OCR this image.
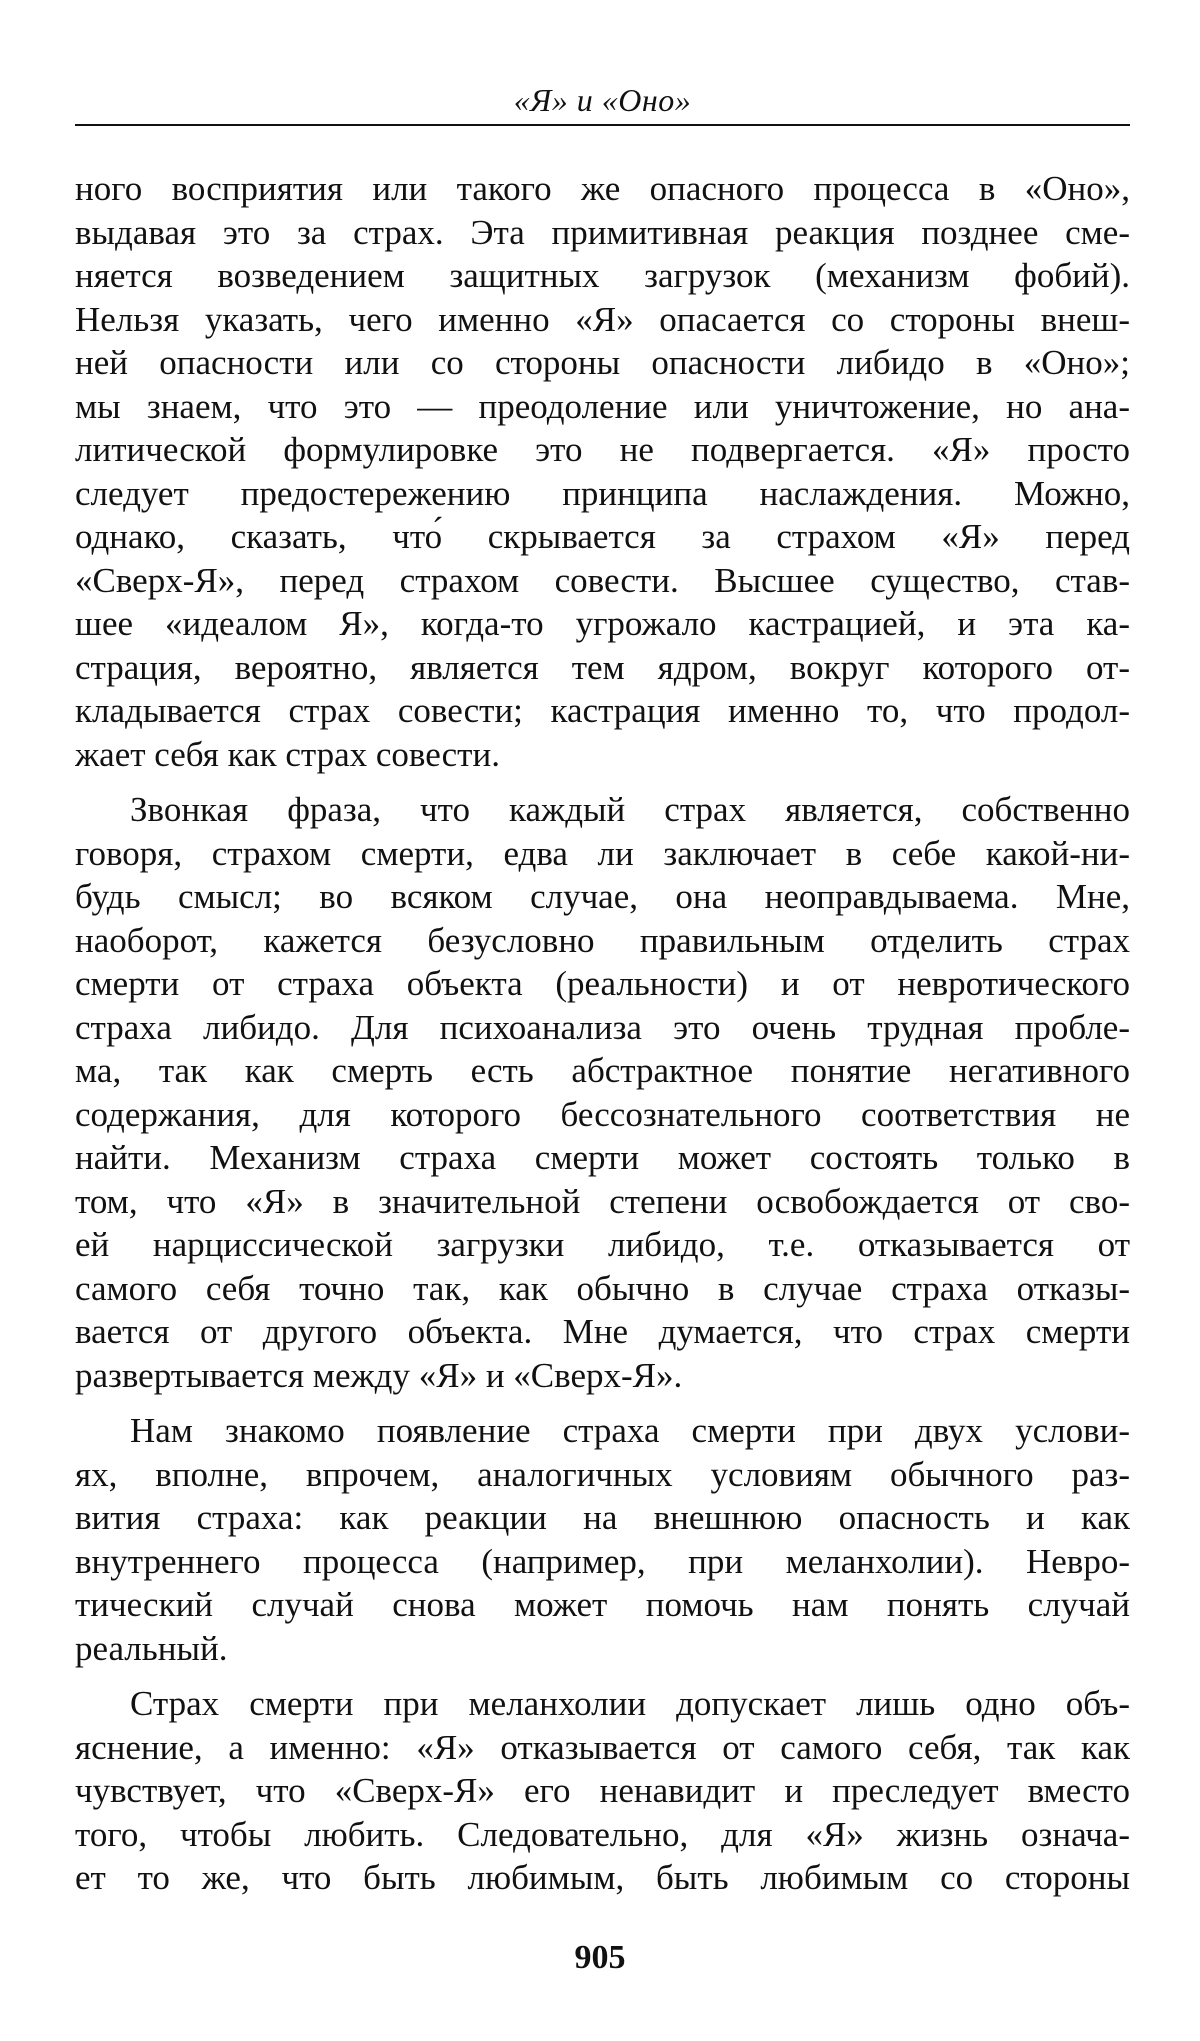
«Я» и «Оно»
ного восприятия или такого же опасного процесса в «Оно»,
выдавая это за страх. Эта примитивная реакция позднее сме-
няется возведением защитных загрузок (механизм фобий).
Нельзя указать, чего именно «Я» опасается со стороны внеш-
ней опасности или со стороны опасности либидо в «Оно»;
мы знаем, что это — преодоление или уничтожение, но ана-
литической формулировке это не подвергается. «Я» просто
следует предостережению принципа наслаждения. Можно,
однако, сказать, что́ скрывается за страхом «Я» перед
«Сверх-Я», перед страхом совести. Высшее существо, став-
шее «идеалом Я», когда-то угрожало кастрацией, и эта ка-
страция, вероятно, является тем ядром, вокруг которого от-
кладывается страх совести; кастрация именно то, что продол-
жает себя как страх совести.
Звонкая фраза, что каждый страх является, собственно
говоря, страхом смерти, едва ли заключает в себе какой-ни-
будь смысл; во всяком случае, она неоправдываема. Мне,
наоборот, кажется безусловно правильным отделить страх
смерти от страха объекта (реальности) и от невротического
страха либидо. Для психоанализа это очень трудная пробле-
ма, так как смерть есть абстрактное понятие негативного
содержания, для которого бессознательного соответствия не
найти. Механизм страха смерти может состоять только в
том, что «Я» в значительной степени освобождается от сво-
ей нарциссической загрузки либидо, т.е. отказывается от
самого себя точно так, как обычно в случае страха отказы-
вается от другого объекта. Мне думается, что страх смерти
развертывается между «Я» и «Сверх-Я».
Нам знакомо появление страха смерти при двух услови-
ях, вполне, впрочем, аналогичных условиям обычного раз-
вития страха: как реакции на внешнюю опасность и как
внутреннего процесса (например, при меланхолии). Невро-
тический случай снова может помочь нам понять случай
реальный.
Страх смерти при меланхолии допускает лишь одно объ-
яснение, а именно: «Я» отказывается от самого себя, так как
чувствует, что «Сверх-Я» его ненавидит и преследует вместо
того, чтобы любить. Следовательно, для «Я» жизнь означа-
ет то же, что быть любимым, быть любимым со стороны
905
